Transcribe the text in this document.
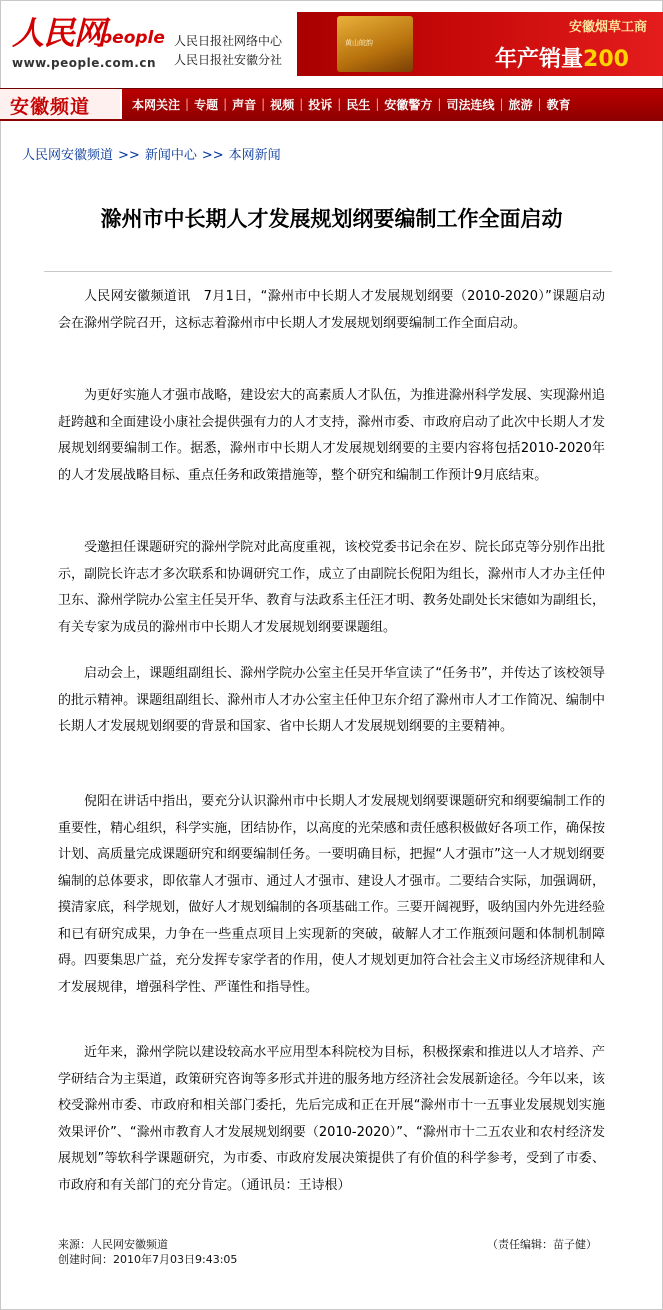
人民网
people
www.people.com.cn
人民日报社网络中心
人民日报社安徽分社
黄山皖韵
安徽烟草工商
年产销量200
安徽频道	本网关注 | 专题 | 声音 | 视频 | 投诉 | 民生 | 安徽警方 | 司法连线 | 旅游 | 教育
人民网安徽频道 >> 新闻中心 >> 本网新闻
滁州市中长期人才发展规划纲要编制工作全面启动

人民网安徽频道讯　7月1日，“滁州市中长期人才发展规划纲要（2010-2020）”课题启动会在滁州学院召开，这标志着滁州市中长期人才发展规划纲要编制工作全面启动。

为更好实施人才强市战略，建设宏大的高素质人才队伍，为推进滁州科学发展、实现滁州追赶跨越和全面建设小康社会提供强有力的人才支持，滁州市委、市政府启动了此次中长期人才发展规划纲要编制工作。据悉，滁州市中长期人才发展规划纲要的主要内容将包括2010-2020年的人才发展战略目标、重点任务和政策措施等，整个研究和编制工作预计9月底结束。

受邀担任课题研究的滁州学院对此高度重视，该校党委书记余在岁、院长邱克等分别作出批示，副院长许志才多次联系和协调研究工作，成立了由副院长倪阳为组长，滁州市人才办主任仲卫东、滁州学院办公室主任吴开华、教育与法政系主任汪才明、教务处副处长宋德如为副组长，有关专家为成员的滁州市中长期人才发展规划纲要课题组。

启动会上，课题组副组长、滁州学院办公室主任吴开华宣读了“任务书”，并传达了该校领导的批示精神。课题组副组长、滁州市人才办公室主任仲卫东介绍了滁州市人才工作简况、编制中长期人才发展规划纲要的背景和国家、省中长期人才发展规划纲要的主要精神。

倪阳在讲话中指出，要充分认识滁州市中长期人才发展规划纲要课题研究和纲要编制工作的重要性，精心组织，科学实施，团结协作，以高度的光荣感和责任感积极做好各项工作，确保按计划、高质量完成课题研究和纲要编制任务。一要明确目标，把握“人才强市”这一人才规划纲要编制的总体要求，即依靠人才强市、通过人才强市、建设人才强市。二要结合实际，加强调研，摸清家底，科学规划，做好人才规划编制的各项基础工作。三要开阔视野，吸纳国内外先进经验和已有研究成果，力争在一些重点项目上实现新的突破，破解人才工作瓶颈问题和体制机制障碍。四要集思广益，充分发挥专家学者的作用，使人才规划更加符合社会主义市场经济规律和人才发展规律，增强科学性、严谨性和指导性。

近年来，滁州学院以建设较高水平应用型本科院校为目标，积极探索和推进以人才培养、产学研结合为主渠道，政策研究咨询等多形式并进的服务地方经济社会发展新途径。今年以来，该校受滁州市委、市政府和相关部门委托，先后完成和正在开展“滁州市十一五事业发展规划实施效果评价”、“滁州市教育人才发展规划纲要（2010-2020）”、“滁州市十二五农业和农村经济发展规划”等软科学课题研究，为市委、市政府发展决策提供了有价值的科学参考，受到了市委、市政府和有关部门的充分肯定。（通讯员：王诗根）

来源：人民网安徽频道
创建时间：2010年7月03日9:43:05
（责任编辑：苗子健）
